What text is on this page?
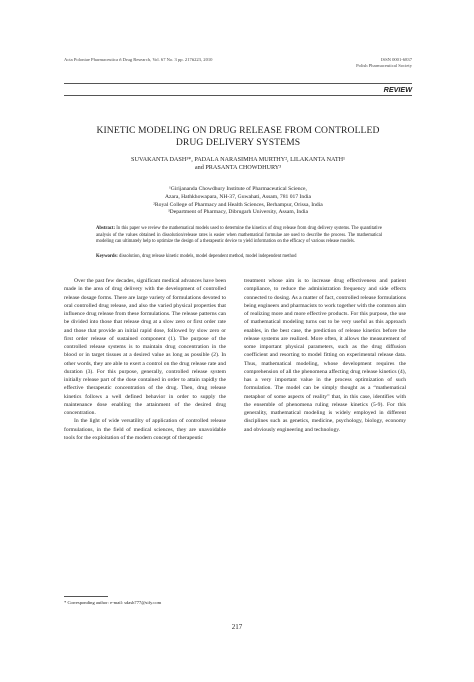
Acta Poloniae Pharmaceutica ñ Drug Research, Vol. 67 No. 3 pp. 217ñ223, 2010	ISSN 0001-6837
Polish Pharmaceutical Society
REVIEW
KINETIC MODELING ON DRUG RELEASE FROM CONTROLLED
DRUG DELIVERY SYSTEMS
SUVAKANTA DASH¹*, PADALA NARASIMHA MURTHY², LILAKANTA NATH¹
and PRASANTA CHOWDHURY³
¹Girijananda Chowdhury Institute of Pharmaceutical Science,
Azara, Hathkhowapara, NH-37, Guwahati, Assam, 781 017 India
²Royal College of Pharmacy and Health Sciences, Berhampur, Orissa, India
³Department of Pharmacy, Dibrugarh University, Assam, India
Abstract: In this paper we review the mathematical models used to determine the kinetics of drug release from drug delivery systems. The quantitative analysis of the values obtained in dissolution/release rates is easier when mathematical formulae are used to describe the process. The mathematical modeling can ultimately help to optimize the design of a therapeutic device to yield information on the efficacy of various release models.
Keywords: dissolution, drug release kinetic models, model dependent method, model independent method

Over the past few decades, significant medical advances have been made in the area of drug delivery with the development of controlled release dosage forms. There are large variety of formulations devoted to oral controlled drug release, and also the varied physical properties that influence drug release from these formulations. The release patterns can be divided into those that release drug at a slow zero or first order rate and those that provide an initial rapid dose, followed by slow zero or first order release of sustained component (1). The purpose of the controlled release systems is to maintain drug concentration in the blood or in target tissues at a desired value as long as possible (2). In other words, they are able to exert a control on the drug release rate and duration (3). For this purpose, generally, controlled release system initially release part of the dose contained in order to attain rapidly the effective therapeutic concentration of the drug. Then, drug release kinetics follows a well defined behavior in order to supply the maintenance dose enabling the attainment of the desired drug concentration.

In the light of wide versatility of application of controlled release formulations, in the field of medical sciences, they are unavoidable tools for the exploitation of the modern concept of therapeutic

treatment whose aim is to increase drug effectiveness and patient compliance, to reduce the administration frequency and side effects connected to dosing. As a matter of fact, controlled release formulations being engineers and pharmacists to work together with the common aim of realizing more and more effective products. For this purpose, the use of mathematical modeling turns out to be very useful as this approach enables, in the best case, the prediction of release kinetics before the release systems are realized. More often, it allows the measurement of some important physical parameters, such as the drug diffusion coefficient and resorting to model fitting on experimental release data. Thus, mathematical modeling, whose development requires the comprehension of all the phenomena affecting drug release kinetics (4), has a very important value in the process optimization of such formulation. The model can be simply thought as a “mathematical metaphor of some aspects of reality” that, in this case, identifies with the ensemble of phenomena ruling release kinetics (5-9). For this generality, mathematical modeling is widely employed in different disciplines such as genetics, medicine, psychology, biology, economy and obviously engineering and technology.

* Corresponding author: e-mail: sdash777@sify.com
217
